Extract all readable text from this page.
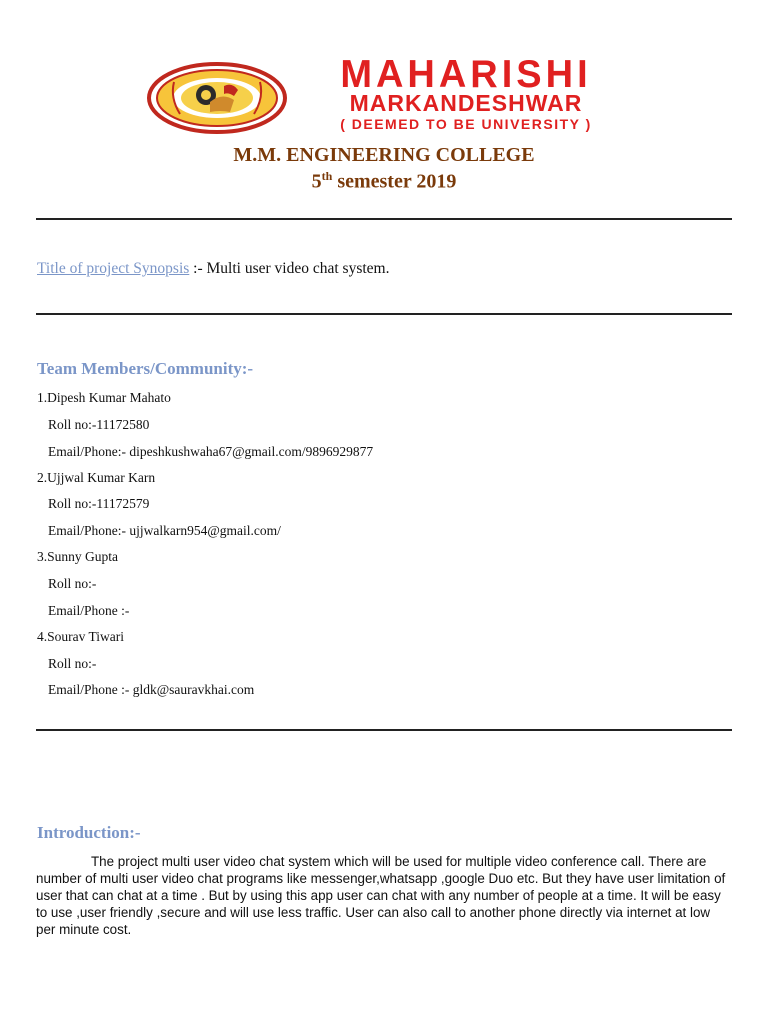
MAHARISHI
MARKANDESHWAR
( DEEMED TO BE UNIVERSITY )
M.M. ENGINEERING COLLEGE
5th semester 2019
Title of project Synopsis :- Multi user video chat system.
Team Members/Community:-
1.Dipesh Kumar Mahato
Roll no:-11172580
Email/Phone:- dipeshkushwaha67@gmail.com/9896929877
2.Ujjwal Kumar Karn
Roll no:-11172579
Email/Phone:- ujjwalkarn954@gmail.com/
3.Sunny Gupta
Roll no:-
Email/Phone :-
4.Sourav Tiwari
Roll no:-
Email/Phone :- gldk@sauravkhai.com
Introduction:-
The project multi user video chat system which will be used for multiple video conference call. There are number of multi user video chat programs like messenger,whatsapp ,google Duo etc. But they have user limitation of user that can chat at a time . But by using this app user can chat with any number of people at a time. It will be easy to use ,user friendly ,secure and will use less traffic. User can also call to another phone directly via internet at low per minute cost.
